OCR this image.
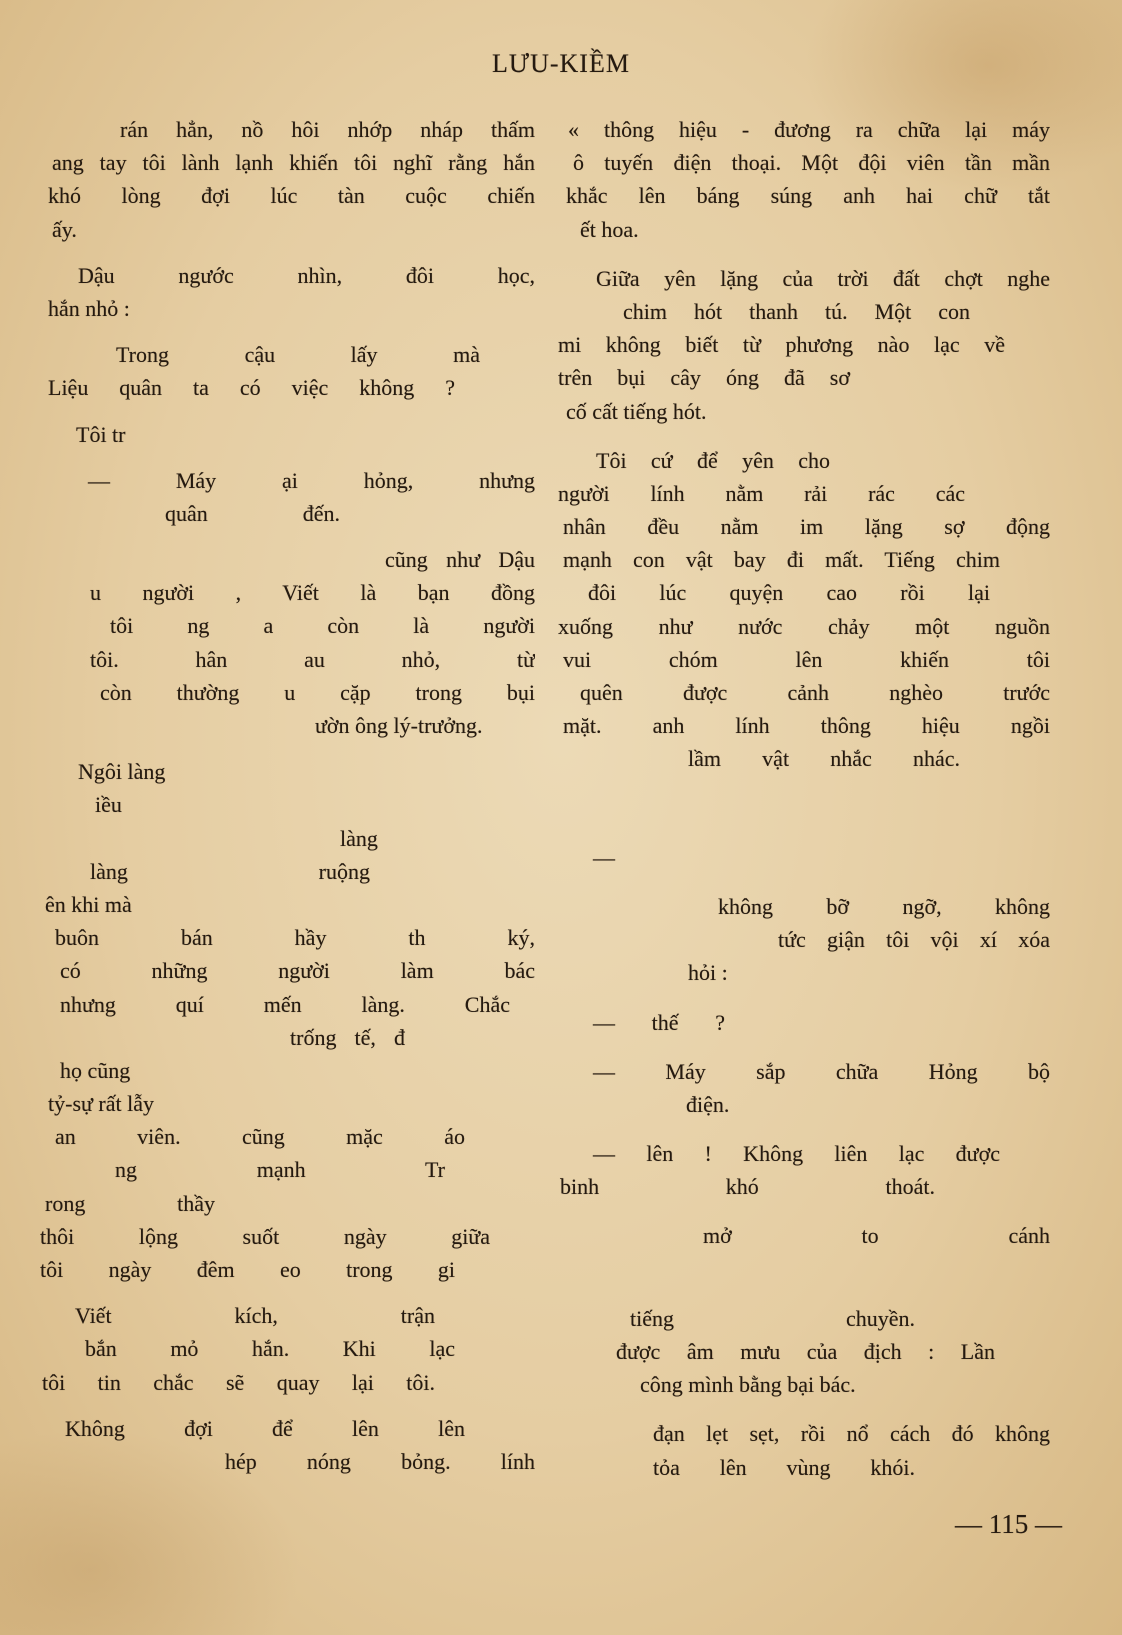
LƯU-KIỀM
rán hẳn, nồ hôi nhớp nháp thấm
ang tay tôi lành lạnh khiến tôi nghĩ rằng hắn
khó lòng đợi lúc tàn cuộc chiến
ấy.
Dậu ngước nhìn, đôi học,
hắn nhỏ :
Trong cậu lấy mà
Liệu quân ta có việc không ?
Tôi tr
— Máy ại hỏng, nhưng
quân đến.
cũng như Dậu
u người , Viết là bạn đồng
tôi ng a còn là người
tôi. hân au nhỏ, từ
còn thường u cặp trong bụi
ườn ông lý-trưởng.
Ngôi làng
iều
làng
làng ruộng
ên khi mà
buôn bán hầy th ký,
có những người làm bác
nhưng quí mến làng. Chắc
trống tế, đ
họ cũng
tỷ-sự rất lẫy
an viên. cũng mặc áo
ng mạnh Tr
rong thầy
thôi lộng suốt ngày giữa
tôi ngày đêm eo trong gi
Viết kích, trận
bắn mỏ hắn. Khi lạc
tôi tin chắc sẽ quay lại tôi.
Không đợi để lên lên
hép nóng bỏng. lính
« thông hiệu - đương ra chữa lại máy
ô tuyến điện thoại. Một đội viên tần mần
khắc lên báng súng anh hai chữ tắt
ết hoa.
Giữa yên lặng của trời đất chợt nghe
chim hót thanh tú. Một con
mi không biết từ phương nào lạc về
trên bụi cây óng đã sơ
cố cất tiếng hót.
Tôi cứ để yên cho
người lính nằm rải rác các
nhân đều nằm im lặng sợ động
mạnh con vật bay đi mất. Tiếng chim
đôi lúc quyện cao rồi lại
xuống như nước chảy một nguồn
vui chóm lên khiến tôi
quên được cảnh nghèo trước
mặt. anh lính thông hiệu ngồi
lầm vật nhắc nhác.
—
không bỡ ngỡ, không
tức giận tôi vội xí xóa
hỏi :
— thế ?
— Máy sắp chữa Hỏng bộ
điện.
— lên ! Không liên lạc được
binh khó thoát.
mở to cánh
tiếng chuyền.
được âm mưu của địch : Lần
công mình bằng bại bác.
đạn lẹt sẹt, rồi nổ cách đó không
tỏa lên vùng khói.
— 115 —
